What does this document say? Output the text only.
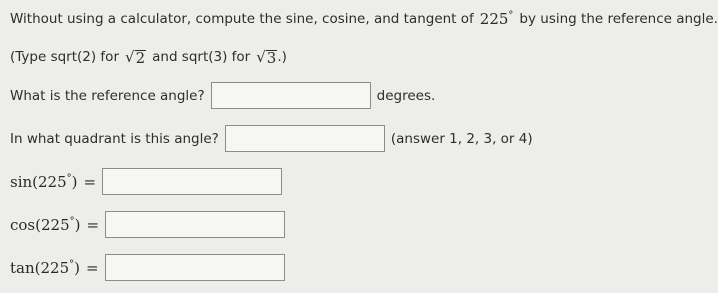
Without using a calculator, compute the sine, cosine, and tangent of 225° by using the reference angle.
(Type sqrt(2) for √ 2 and sqrt(3) for √ 3 .)
What is the reference angle?	degrees.
In what quadrant is this angle?	(answer 1, 2, 3, or 4)
sin(225°) =
cos(225°) =
tan(225°) =
